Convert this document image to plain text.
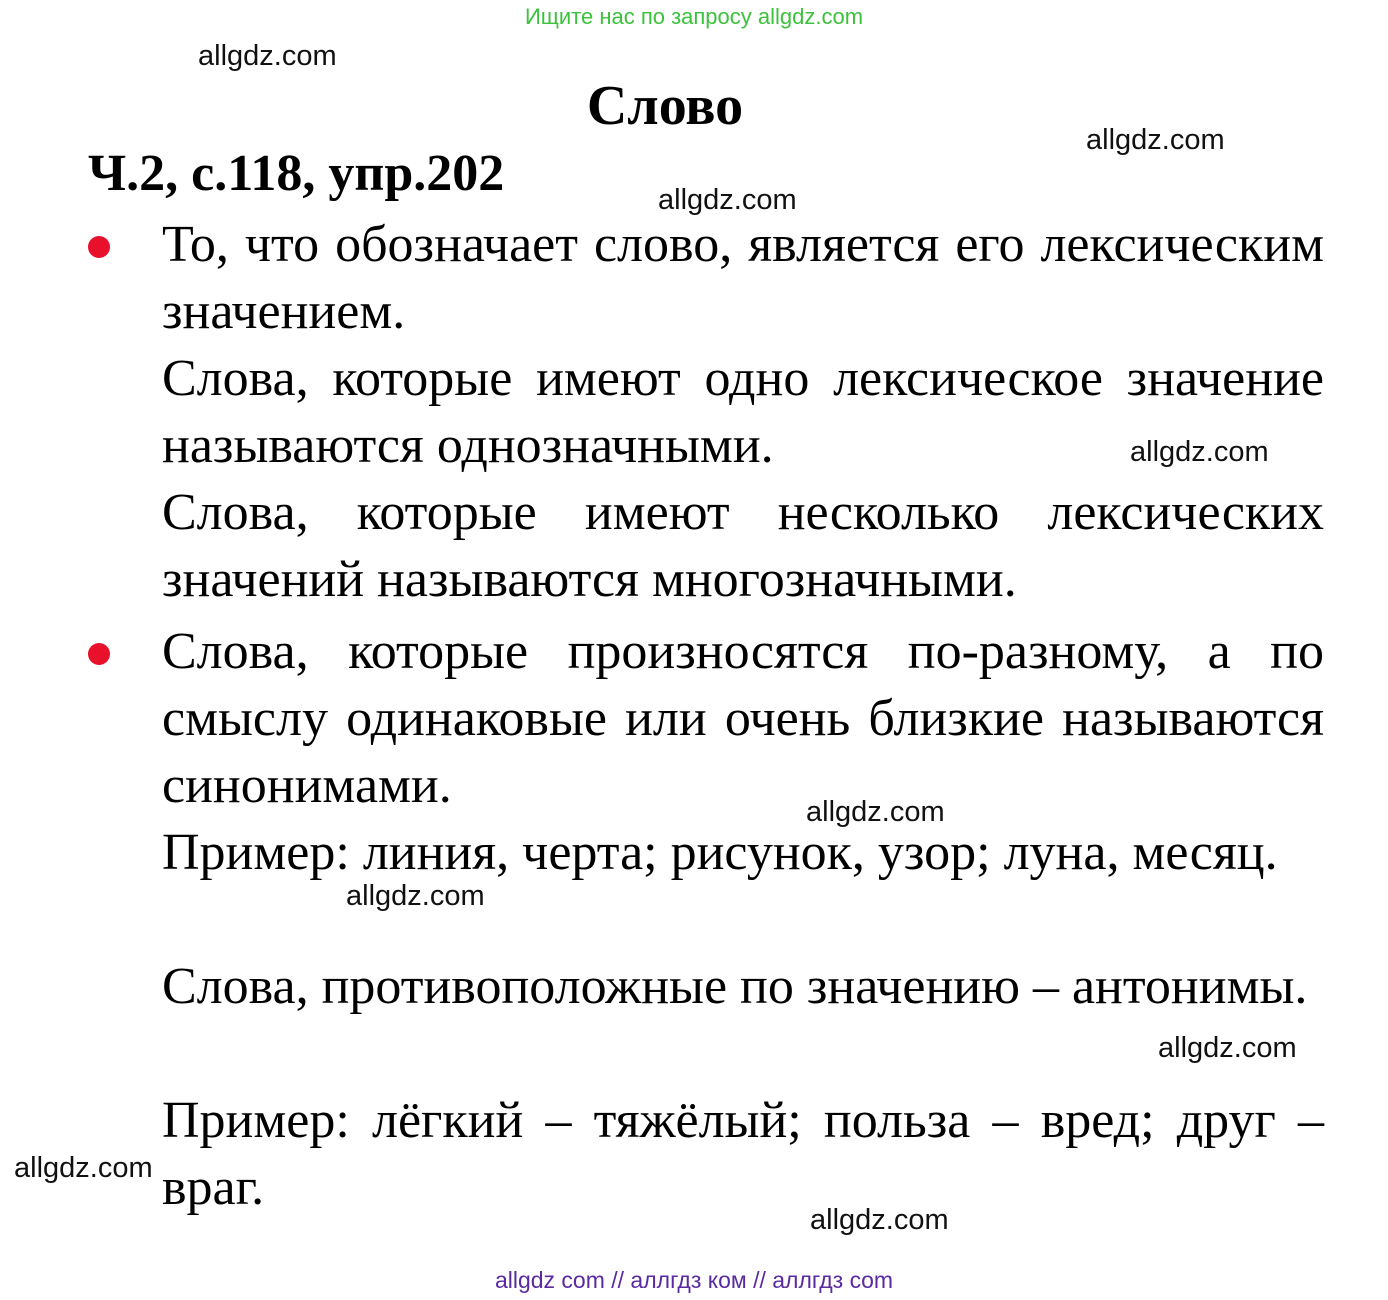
Ищите нас по запросу allgdz.com
allgdz.com
allgdz.com
allgdz.com
allgdz.com
allgdz.com
allgdz.com
allgdz.com
allgdz.com
allgdz.com
Слово
Ч.2, с.118, упр.202

То, что обозначает слово, является его лексическим значением.

Слова, которые имеют одно лексическое значение называются однозначными.

Слова, которые имеют несколько лексических значений называются многозначными.

Слова, которые произносятся по-разному, а по смыслу одинаковые или очень близкие называются синонимами.

Пример: линия, черта; рисунок, узор; луна, месяц.

Слова, противоположные по значению – антонимы.

Пример: лёгкий – тяжёлый; польза – вред; друг – враг.

allgdz com // аллгдз ком // аллгдз com
